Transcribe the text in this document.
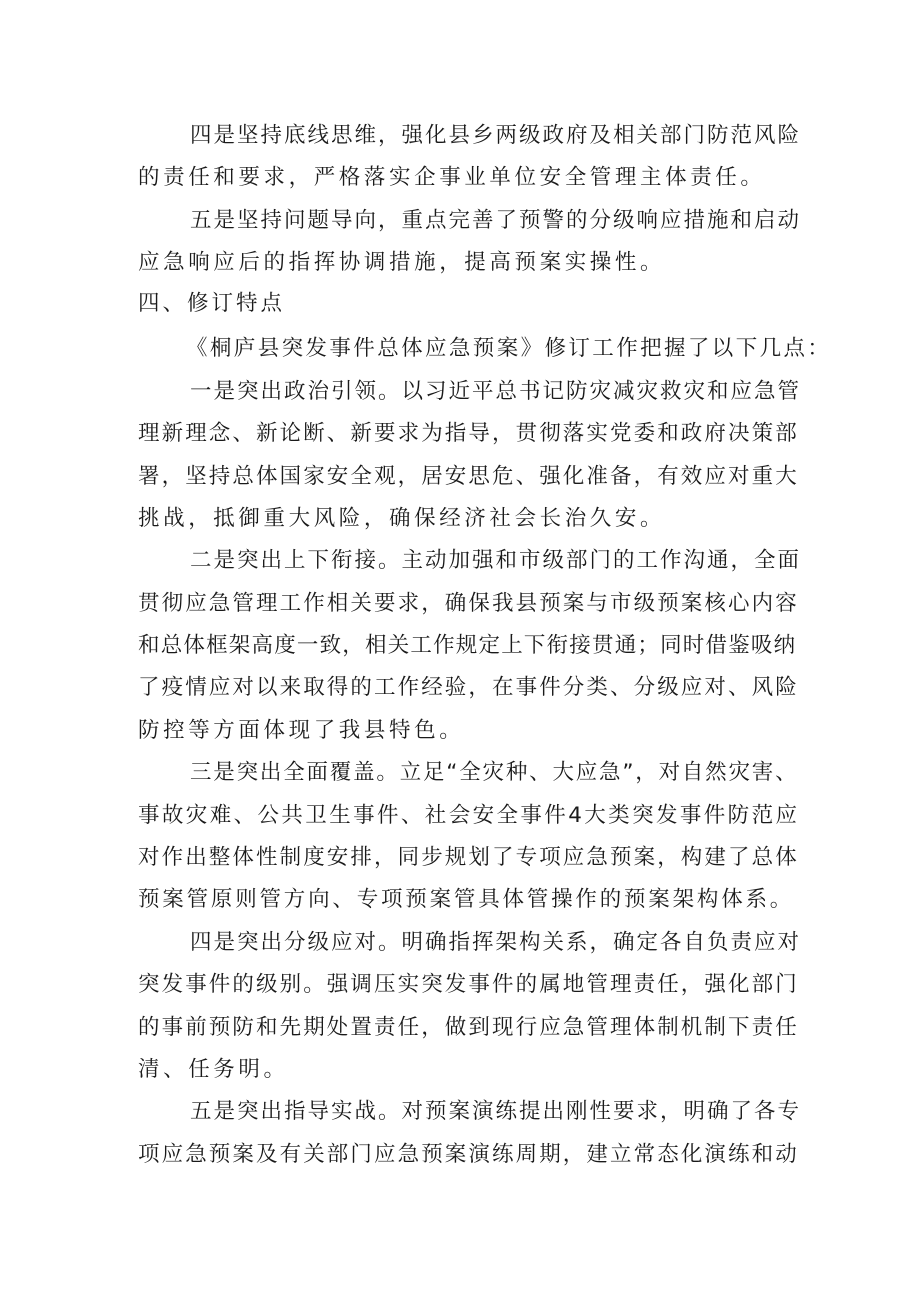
四是坚持底线思维，强化县乡两级政府及相关部门防范风险

的责任和要求，严格落实企事业单位安全管理主体责任。

五是坚持问题导向，重点完善了预警的分级响应措施和启动

应急响应后的指挥协调措施，提高预案实操性。

四、修订特点

《桐庐县突发事件总体应急预案》修订工作把握了以下几点：

一是突出政治引领。以习近平总书记防灾减灾救灾和应急管

理新理念、新论断、新要求为指导，贯彻落实党委和政府决策部

署，坚持总体国家安全观，居安思危、强化准备，有效应对重大

挑战，抵御重大风险，确保经济社会长治久安。

二是突出上下衔接。主动加强和市级部门的工作沟通，全面

贯彻应急管理工作相关要求，确保我县预案与市级预案核心内容

和总体框架高度一致，相关工作规定上下衔接贯通；同时借鉴吸纳

了疫情应对以来取得的工作经验，在事件分类、分级应对、风险

防控等方面体现了我县特色。

三是突出全面覆盖。立足“全灾种、大应急”，对自然灾害、

事故灾难、公共卫生事件、社会安全事件4大类突发事件防范应

对作出整体性制度安排，同步规划了专项应急预案，构建了总体

预案管原则管方向、专项预案管具体管操作的预案架构体系。

四是突出分级应对。明确指挥架构关系，确定各自负责应对

突发事件的级别。强调压实突发事件的属地管理责任，强化部门

的事前预防和先期处置责任，做到现行应急管理体制机制下责任

清、任务明。

五是突出指导实战。对预案演练提出刚性要求，明确了各专

项应急预案及有关部门应急预案演练周期，建立常态化演练和动
